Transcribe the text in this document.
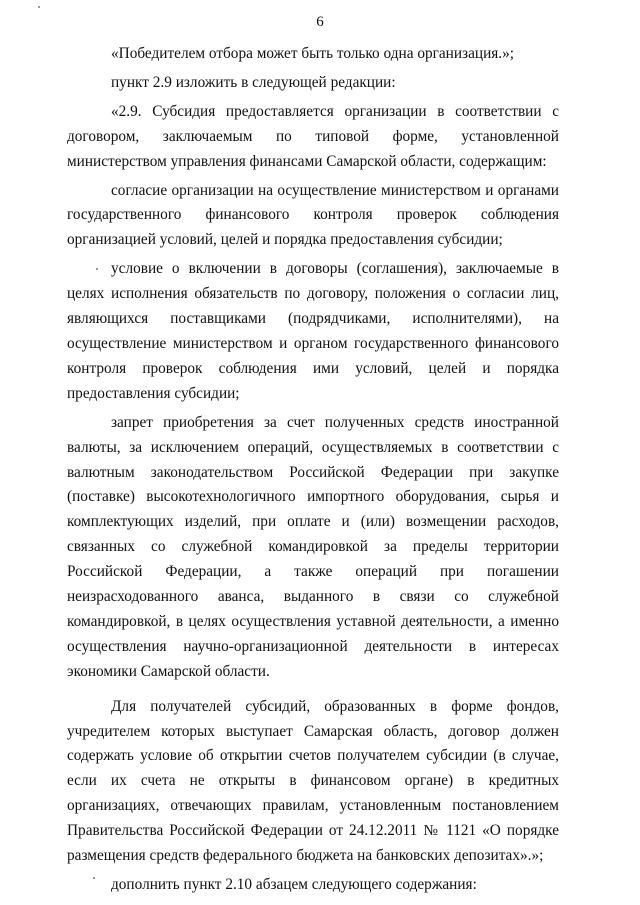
6

«Победителем отбора может быть только одна организация.»;

пункт 2.9 изложить в следующей редакции:

«2.9. Субсидия предоставляется организации в соответствии с договором, заключаемым по типовой форме, установленной министерством управления финансами Самарской области, содержащим:

согласие организации на осуществление министерством и органами государственного финансового контроля проверок соблюдения организацией условий, целей и порядка предоставления субсидии;

условие о включении в договоры (соглашения), заключаемые в целях исполнения обязательств по договору, положения о согласии лиц, являющихся поставщиками (подрядчиками, исполнителями), на осуществление министерством и органом государственного финансового контроля проверок соблюдения ими условий, целей и порядка предоставления субсидии;

запрет приобретения за счет полученных средств иностранной валюты, за исключением операций, осуществляемых в соответствии с валютным законодательством Российской Федерации при закупке (поставке) высокотехнологичного импортного оборудования, сырья и комплектующих изделий, при оплате и (или) возмещении расходов, связанных со служебной командировкой за пределы территории Российской Федерации, а также операций при погашении неизрасходованного аванса, выданного в связи со служебной командировкой, в целях осуществления уставной деятельности, а именно осуществления научно-организационной деятельности в интересах экономики Самарской области.

Для получателей субсидий, образованных в форме фондов, учредителем которых выступает Самарская область, договор должен содержать условие об открытии счетов получателем субсидии (в случае, если их счета не открыты в финансовом органе) в кредитных организациях, отвечающих правилам, установленным постановлением Правительства Российской Федерации от 24.12.2011 № 1121 «О порядке размещения средств федерального бюджета на банковских депозитах».»;

дополнить пункт 2.10 абзацем следующего содержания:
